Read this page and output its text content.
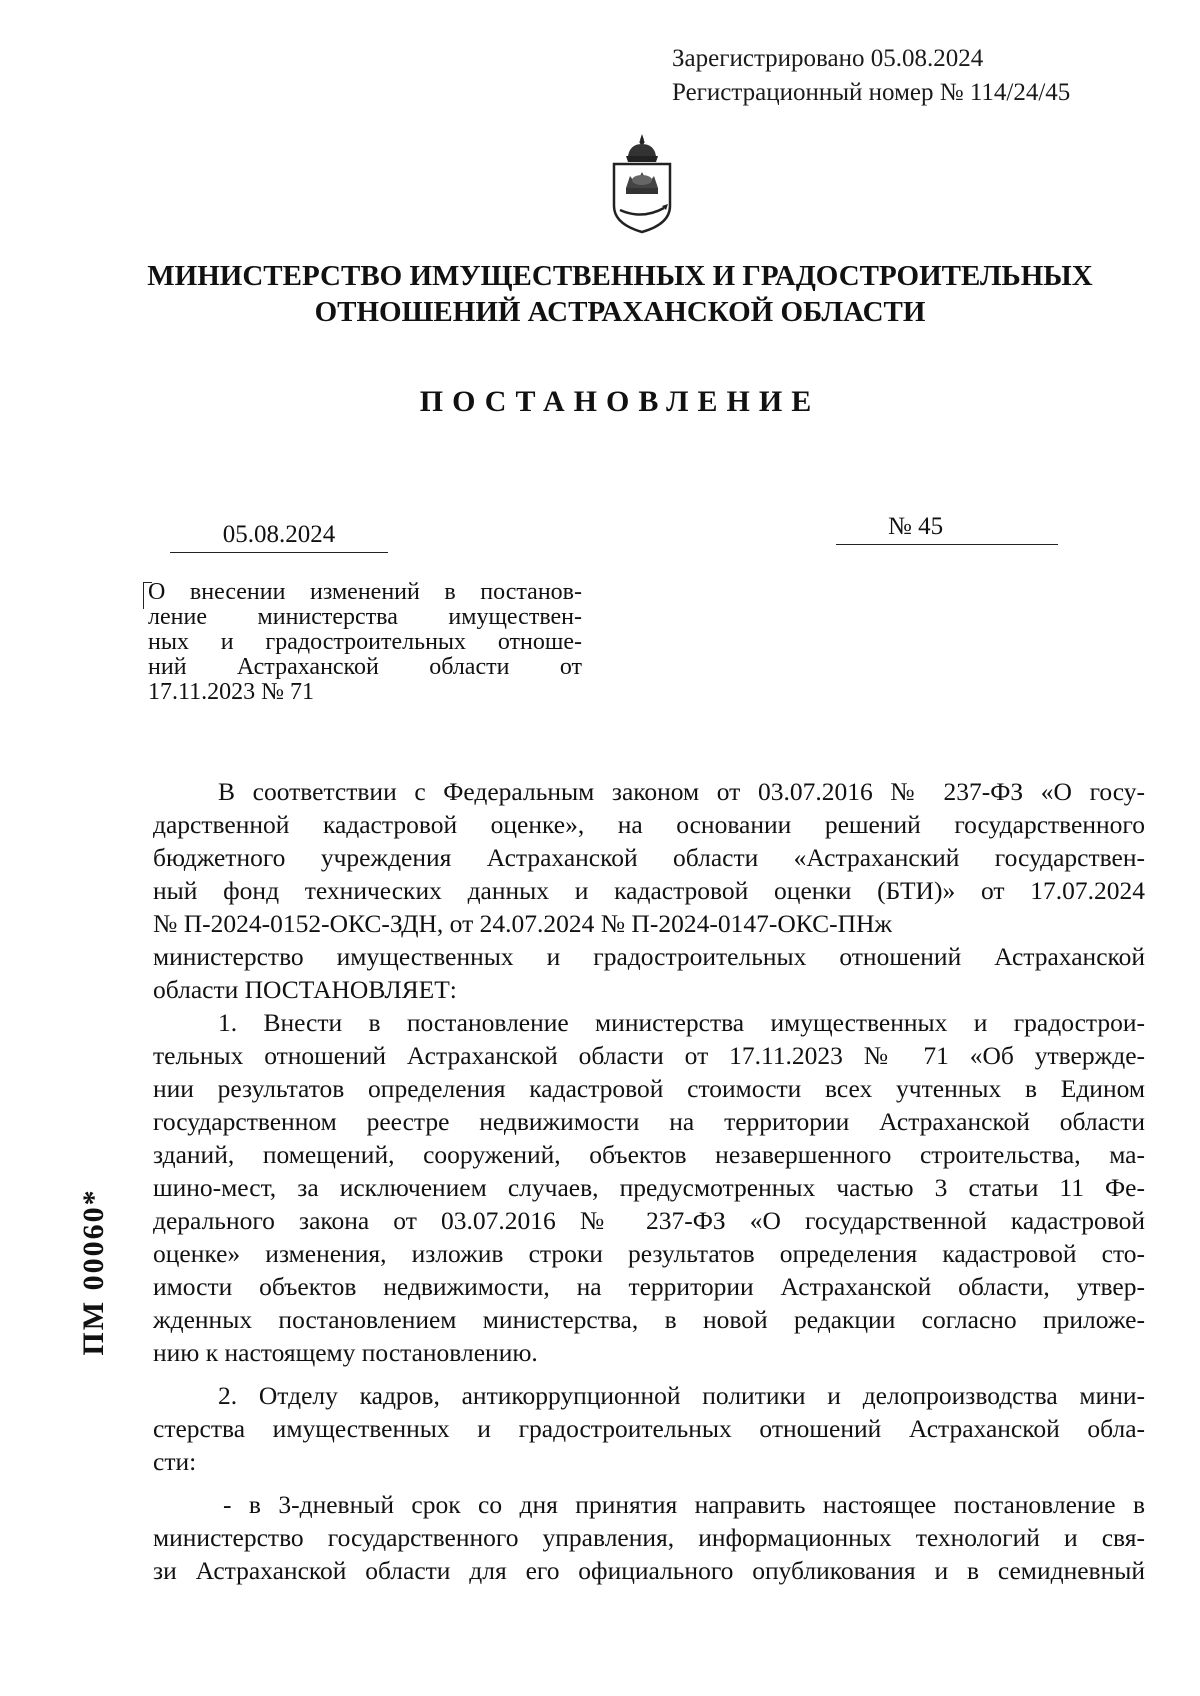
Зарегистрировано 05.08.2024
Регистрационный номер № 114/24/45
МИНИСТЕРСТВО ИМУЩЕСТВЕННЫХ И ГРАДОСТРОИТЕЛЬНЫХ
ОТНОШЕНИЙ АСТРАХАНСКОЙ ОБЛАСТИ
ПОСТАНОВЛЕНИЕ
05.08.2024	№ 45
О внесении изменений в постанов-
ление министерства имуществен-
ных и градостроительных отноше-
ний Астраханской области от
17.11.2023 № 71
В соответствии с Федеральным законом от 03.07.2016 № 237-ФЗ «О госу-
дарственной кадастровой оценке», на основании решений государственного
бюджетного учреждения Астраханской области «Астраханский государствен-
ный фонд технических данных и кадастровой оценки (БТИ)» от 17.07.2024
№ П-2024-0152-ОКС-ЗДН, от 24.07.2024 № П-2024-0147-ОКС-ПНж
министерство имущественных и градостроительных отношений Астраханской
области ПОСТАНОВЛЯЕТ:
1. Внести в постановление министерства имущественных и градострои-
тельных отношений Астраханской области от 17.11.2023 № 71 «Об утвержде-
нии результатов определения кадастровой стоимости всех учтенных в Едином
государственном реестре недвижимости на территории Астраханской области
зданий, помещений, сооружений, объектов незавершенного строительства, ма-
шино-мест, за исключением случаев, предусмотренных частью 3 статьи 11 Фе-
дерального закона от 03.07.2016 № 237-ФЗ «О государственной кадастровой
оценке» изменения, изложив строки результатов определения кадастровой сто-
имости объектов недвижимости, на территории Астраханской области, утвер-
жденных постановлением министерства, в новой редакции согласно приложе-
нию к настоящему постановлению.
2. Отделу кадров, антикоррупционной политики и делопроизводства мини-
стерства имущественных и градостроительных отношений Астраханской обла-
сти:
- в 3-дневный срок со дня принятия направить настоящее постановление в
министерство государственного управления, информационных технологий и свя-
зи Астраханской области для его официального опубликования и в семидневный
ПМ 00060*
